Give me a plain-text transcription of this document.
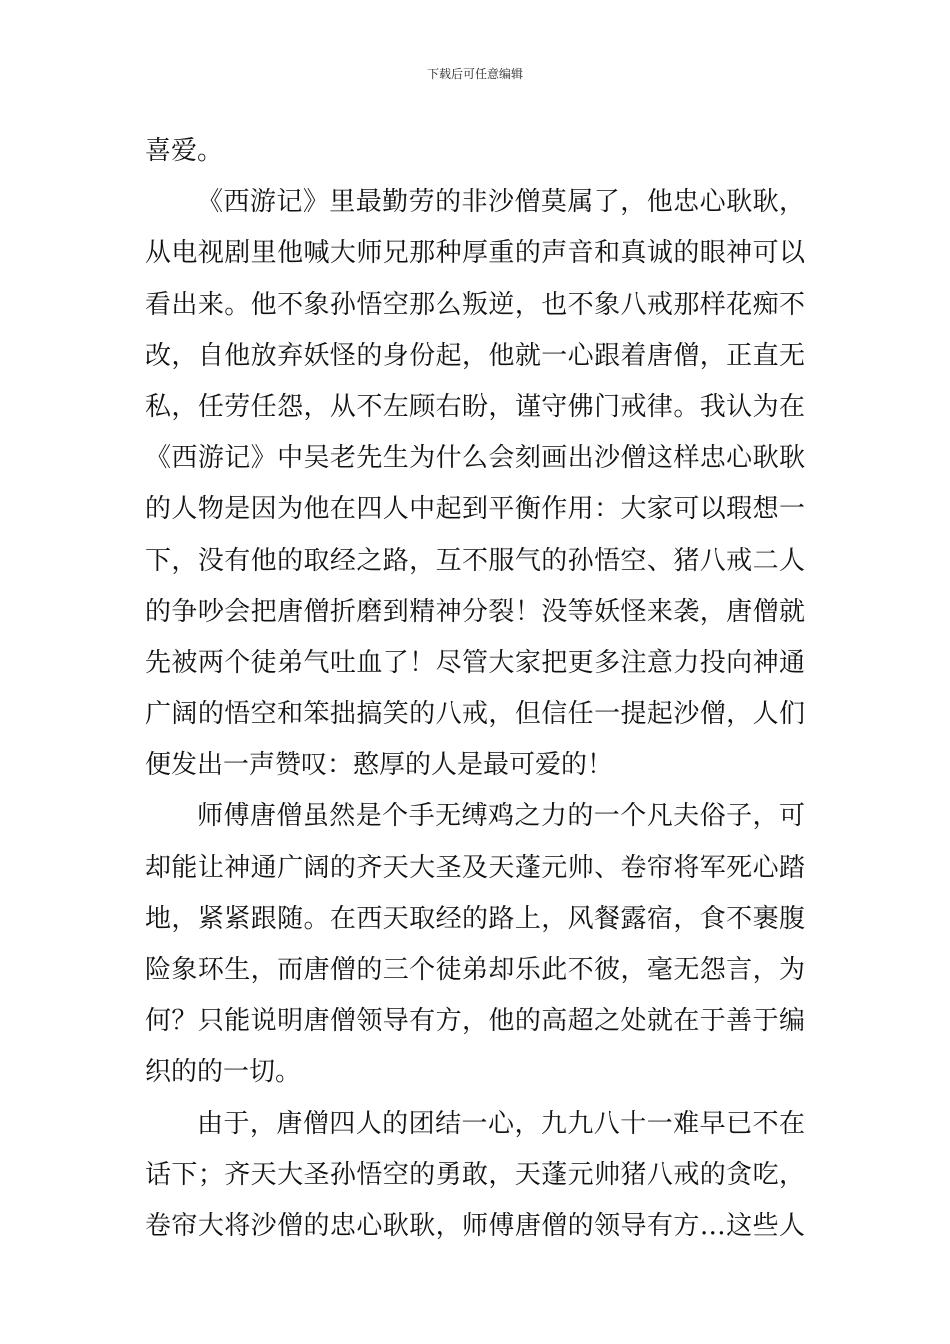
下载后可任意编辑
喜爱。
《西游记》里最勤劳的非沙僧莫属了，他忠心耿耿，
从电视剧里他喊大师兄那种厚重的声音和真诚的眼神可以
看出来。他不象孙悟空那么叛逆，也不象八戒那样花痴不
改，自他放弃妖怪的身份起，他就一心跟着唐僧，正直无
私，任劳任怨，从不左顾右盼，谨守佛门戒律。我认为在
《西游记》中吴老先生为什么会刻画出沙僧这样忠心耿耿
的人物是因为他在四人中起到平衡作用：大家可以瑕想一
下，没有他的取经之路，互不服气的孙悟空、猪八戒二人
的争吵会把唐僧折磨到精神分裂！没等妖怪来袭，唐僧就
先被两个徒弟气吐血了！尽管大家把更多注意力投向神通
广阔的悟空和笨拙搞笑的八戒，但信任一提起沙僧，人们
便发出一声赞叹：憨厚的人是最可爱的！
师傅唐僧虽然是个手无缚鸡之力的一个凡夫俗子，可
却能让神通广阔的齐天大圣及天蓬元帅、卷帘将军死心踏
地，紧紧跟随。在西天取经的路上，风餐露宿，食不裹腹
险象环生，而唐僧的三个徒弟却乐此不彼，毫无怨言，为
何？只能说明唐僧领导有方，他的高超之处就在于善于编
织的的一切。
由于，唐僧四人的团结一心，九九八十一难早已不在
话下；齐天大圣孙悟空的勇敢，天蓬元帅猪八戒的贪吃，
卷帘大将沙僧的忠心耿耿，师傅唐僧的领导有方…这些人
